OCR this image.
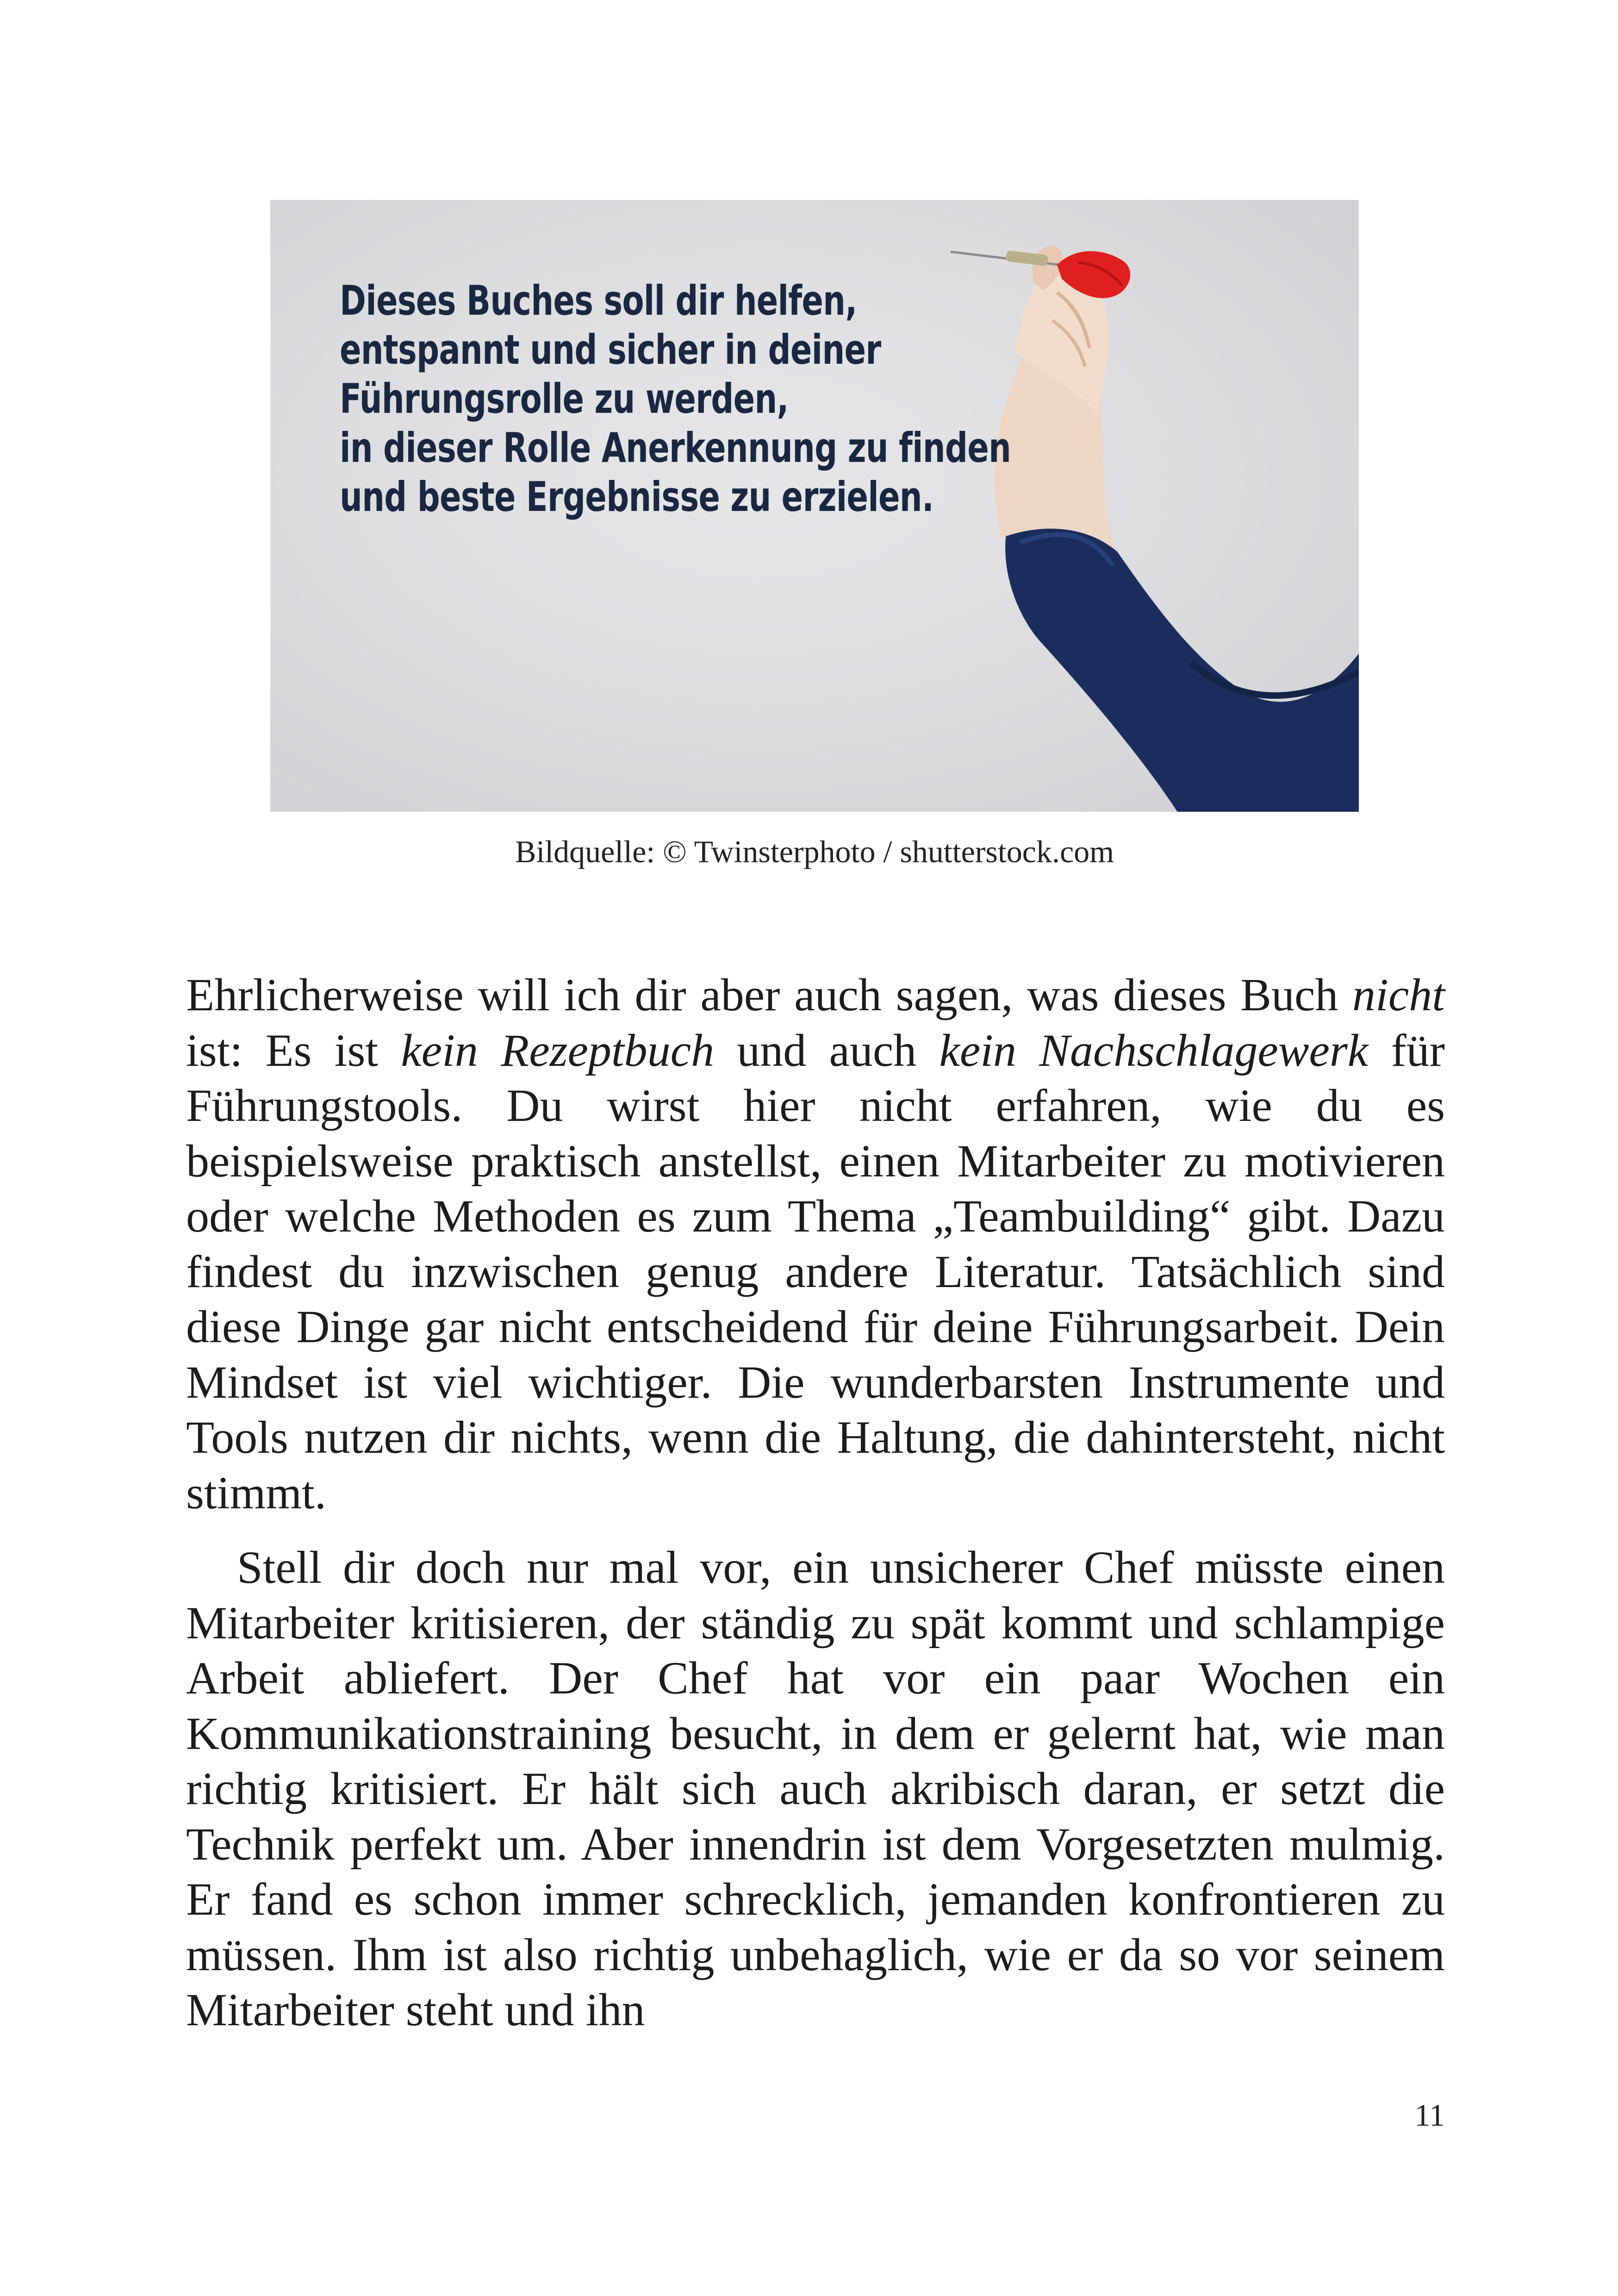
Dieses Buches soll dir helfen,
entspannt und sicher in deiner
Führungsrolle zu werden,
in dieser Rolle Anerkennung zu finden
und beste Ergebnisse zu erzielen.

Bildquelle: © Twinsterphoto / shutterstock.com

Ehrlicherweise will ich dir aber auch sagen, was dieses Buch nicht ist: Es ist kein Rezeptbuch und auch kein Nachschlagewerk für Führungstools. Du wirst hier nicht erfahren, wie du es beispielsweise praktisch anstellst, einen Mitarbeiter zu motivieren oder welche Methoden es zum Thema „Teambuilding“ gibt. Dazu findest du inzwischen genug andere Literatur. Tatsächlich sind diese Dinge gar nicht entscheidend für deine Führungsarbeit. Dein Mindset ist viel wichtiger. Die wunderbarsten Instrumente und Tools nutzen dir nichts, wenn die Haltung, die dahintersteht, nicht stimmt.

Stell dir doch nur mal vor, ein unsicherer Chef müsste einen Mitarbeiter kritisieren, der ständig zu spät kommt und schlampige Arbeit abliefert. Der Chef hat vor ein paar Wochen ein Kommunikationstraining besucht, in dem er gelernt hat, wie man richtig kritisiert. Er hält sich auch akribisch daran, er setzt die Technik perfekt um. Aber innendrin ist dem Vorgesetzten mulmig. Er fand es schon immer schrecklich, jemanden konfrontieren zu müssen. Ihm ist also richtig unbehaglich, wie er da so vor seinem Mitarbeiter steht und ihn

11
